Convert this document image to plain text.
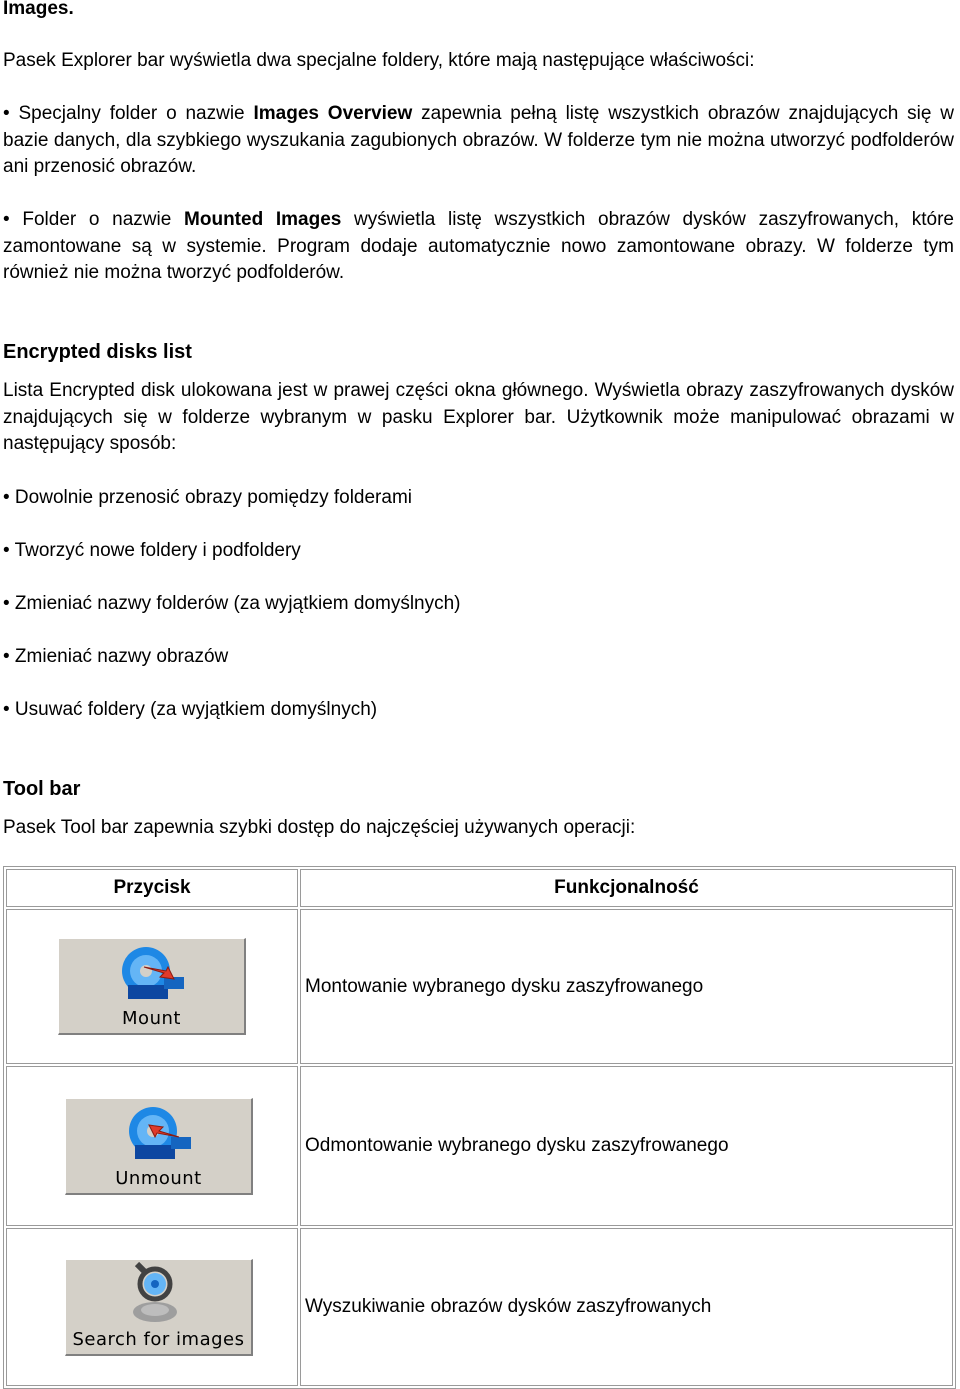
Images.
Pasek Explorer bar wyświetla dwa specjalne foldery, które mają następujące właściwości:
• Specjalny folder o nazwie Images Overview zapewnia pełną listę wszystkich obrazów znajdujących się w bazie danych, dla szybkiego wyszukania zagubionych obrazów. W folderze tym nie można utworzyć podfolderów ani przenosić obrazów.
• Folder o nazwie Mounted Images wyświetla listę wszystkich obrazów dysków zaszyfrowanych, które zamontowane są w systemie. Program dodaje automatycznie nowo zamontowane obrazy. W folderze tym również nie można tworzyć podfolderów.
Encrypted disks list
Lista Encrypted disk ulokowana jest w prawej części okna głównego. Wyświetla obrazy zaszyfrowanych dysków znajdujących się w folderze wybranym w pasku Explorer bar. Użytkownik może manipulować obrazami w następujący sposób:
• Dowolnie przenosić obrazy pomiędzy folderami
• Tworzyć nowe foldery i podfoldery
• Zmieniać nazwy folderów (za wyjątkiem domyślnych)
• Zmieniać nazwy obrazów
• Usuwać foldery (za wyjątkiem domyślnych)
Tool bar
Pasek Tool bar zapewnia szybki dostęp do najczęściej używanych operacji:
Przycisk	Funkcjonalność

Mount	Montowanie wybranego dysku zaszyfrowanego

Unmount	Odmontowanie wybranego dysku zaszyfrowanego

Search for images	Wyszukiwanie obrazów dysków zaszyfrowanych
